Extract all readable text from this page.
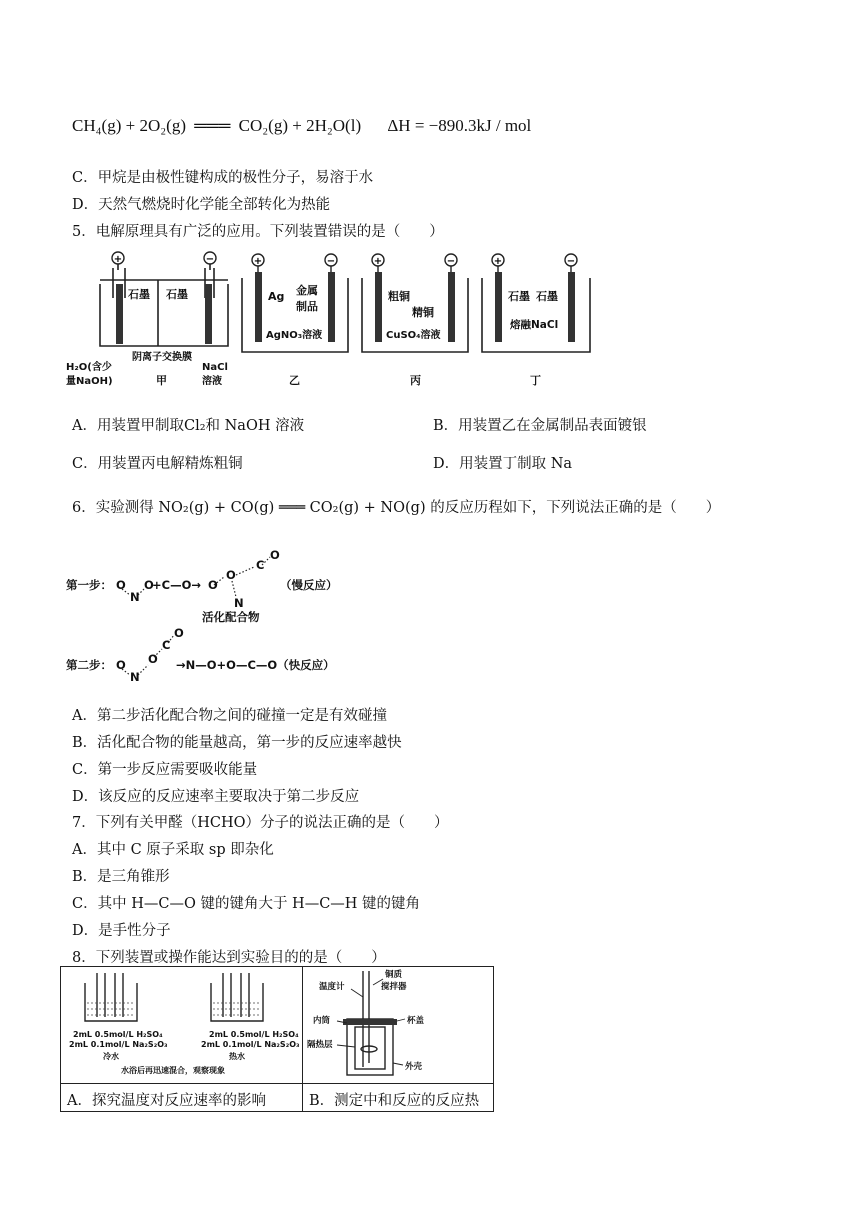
CH₄(g) + 2O₂(g) ═══ CO₂(g) + 2H₂O(l) ΔH = −890.3kJ / mol
C．甲烷是由极性键构成的极性分子，易溶于水
D．天然气燃烧时化学能全部转化为热能
5．电解原理具有广泛的应用。下列装置错误的是（　　）
+	−	+	−	+	−	+	−
石墨 石墨
阴离子交换膜
H₂O(含少
量NaOH)
NaCl
溶液
甲
Ag 金属
制品
AgNO₃溶液
乙
粗铜
精铜
CuSO₄溶液
丙
石墨 石墨
熔融NaCl
丁
A．用装置甲制取Cl₂和 NaOH 溶液	B．用装置乙在金属制品表面镀银
C．用装置丙电解精炼粗铜	D．用装置丁制取 Na
6．实验测得 NO₂(g) + CO(g) ═══ CO₂(g) + NO(g) 的反应历程如下，下列说法正确的是（　　）
第一步： O
N
O
+C—O→ O
O
N
C
O
（慢反应）
活化配合物
第二步： O
N
O
C
O
→N—O+O—C—O（快反应）
A．第二步活化配合物之间的碰撞一定是有效碰撞
B．活化配合物的能量越高，第一步的反应速率越快
C．第一步反应需要吸收能量
D．该反应的反应速率主要取决于第二步反应
7．下列有关甲醛（HCHO）分子的说法正确的是（　　）
A．其中 C 原子采取 sp 即杂化
B．是三角锥形
C．其中 H—C—O 键的键角大于 H—C—H 键的键角
D．是手性分子
8．下列装置或操作能达到实验目的的是（　　）
2mL 0.5mol/L H₂SO₄
2mL 0.1mol/L Na₂S₂O₃
冷水
2mL 0.5mol/L H₂SO₄
2mL 0.1mol/L Na₂S₂O₃
热水
水浴后再迅速混合，观察现象
温度计
铜质
搅拌器
内筒	杯盖
隔热层
外壳
A．探究温度对反应速率的影响	B．测定中和反应的反应热
